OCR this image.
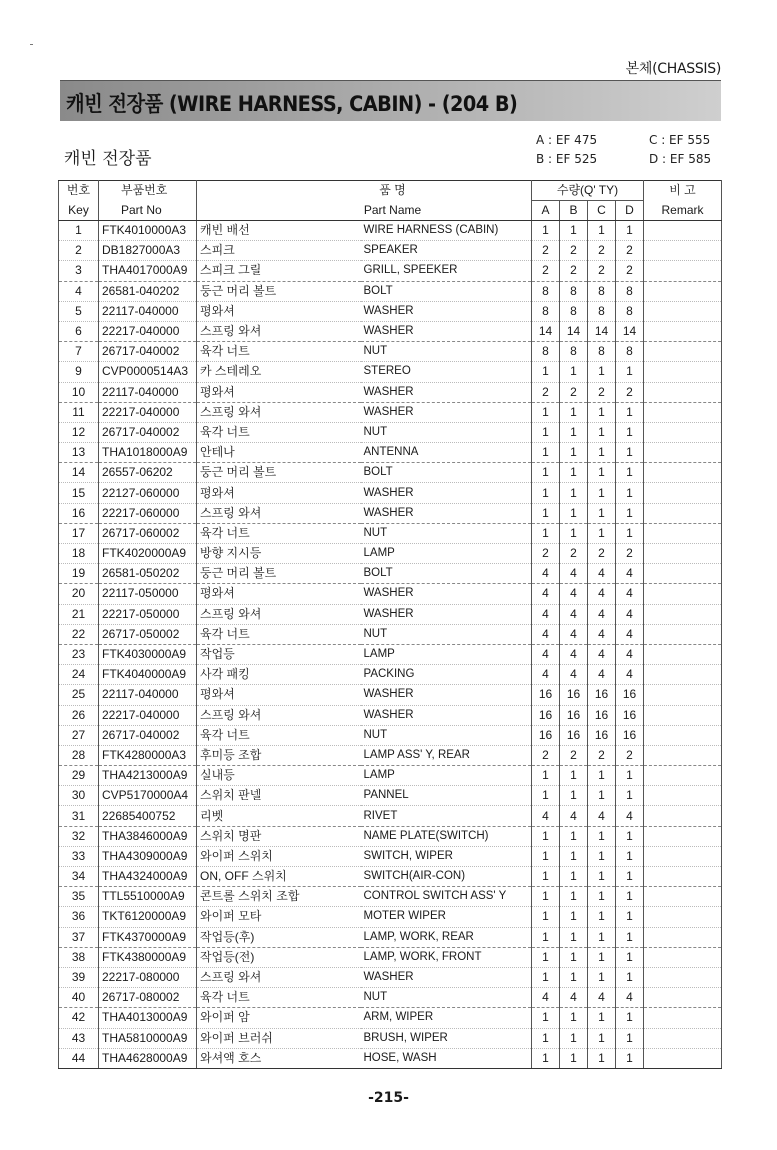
본체(CHASSIS)
캐빈 전장품 (WIRE HARNESS, CABIN) - (204 B)
캐빈 전장품
A : EF 475
B : EF 525
C : EF 555
D : EF 585
번호	부품번호	품 명		수량(Q' TY)				비 고
Key	Part No	Part Name		A	B	C	D	Remark
1	FTK4010000A3	캐빈 배선	WIRE HARNESS (CABIN)	1	1	1	1	
2	DB1827000A3	스피크	SPEAKER	2	2	2	2	
3	THA4017000A9	스피크 그릴	GRILL, SPEEKER	2	2	2	2	
4	26581-040202	둥근 머리 볼트	BOLT	8	8	8	8	
5	22117-040000	평와셔	WASHER	8	8	8	8	
6	22217-040000	스프링 와셔	WASHER	14	14	14	14	
7	26717-040002	육각 너트	NUT	8	8	8	8	
9	CVP0000514A3	카 스테레오	STEREO	1	1	1	1	
10	22117-040000	평와셔	WASHER	2	2	2	2	
11	22217-040000	스프링 와셔	WASHER	1	1	1	1	
12	26717-040002	육각 너트	NUT	1	1	1	1	
13	THA1018000A9	안테나	ANTENNA	1	1	1	1	
14	26557-06202	둥근 머리 볼트	BOLT	1	1	1	1	
15	22127-060000	평와셔	WASHER	1	1	1	1	
16	22217-060000	스프링 와셔	WASHER	1	1	1	1	
17	26717-060002	육각 너트	NUT	1	1	1	1	
18	FTK4020000A9	방향 지시등	LAMP	2	2	2	2	
19	26581-050202	둥근 머리 볼트	BOLT	4	4	4	4	
20	22117-050000	평와셔	WASHER	4	4	4	4	
21	22217-050000	스프링 와셔	WASHER	4	4	4	4	
22	26717-050002	육각 너트	NUT	4	4	4	4	
23	FTK4030000A9	작업등	LAMP	4	4	4	4	
24	FTK4040000A9	사각 패킹	PACKING	4	4	4	4	
25	22117-040000	평와셔	WASHER	16	16	16	16	
26	22217-040000	스프링 와셔	WASHER	16	16	16	16	
27	26717-040002	육각 너트	NUT	16	16	16	16	
28	FTK4280000A3	후미등 조합	LAMP ASS' Y, REAR	2	2	2	2	
29	THA4213000A9	실내등	LAMP	1	1	1	1	
30	CVP5170000A4	스위치 판넬	PANNEL	1	1	1	1	
31	22685400752	리벳	RIVET	4	4	4	4	
32	THA3846000A9	스위치 명판	NAME PLATE(SWITCH)	1	1	1	1	
33	THA4309000A9	와이퍼 스위치	SWITCH, WIPER	1	1	1	1	
34	THA4324000A9	ON, OFF 스위치	SWITCH(AIR-CON)	1	1	1	1	
35	TTL5510000A9	콘트롤 스위치 조합	CONTROL SWITCH ASS' Y	1	1	1	1	
36	TKT6120000A9	와이퍼 모타	MOTER WIPER	1	1	1	1	
37	FTK4370000A9	작업등(후)	LAMP, WORK, REAR	1	1	1	1	
38	FTK4380000A9	작업등(전)	LAMP, WORK, FRONT	1	1	1	1	
39	22217-080000	스프링 와셔	WASHER	1	1	1	1	
40	26717-080002	육각 너트	NUT	4	4	4	4	
42	THA4013000A9	와이퍼 암	ARM, WIPER	1	1	1	1	
43	THA5810000A9	와이퍼 브러쉬	BRUSH, WIPER	1	1	1	1	
44	THA4628000A9	와셔액 호스	HOSE, WASH	1	1	1	1	
-215-
